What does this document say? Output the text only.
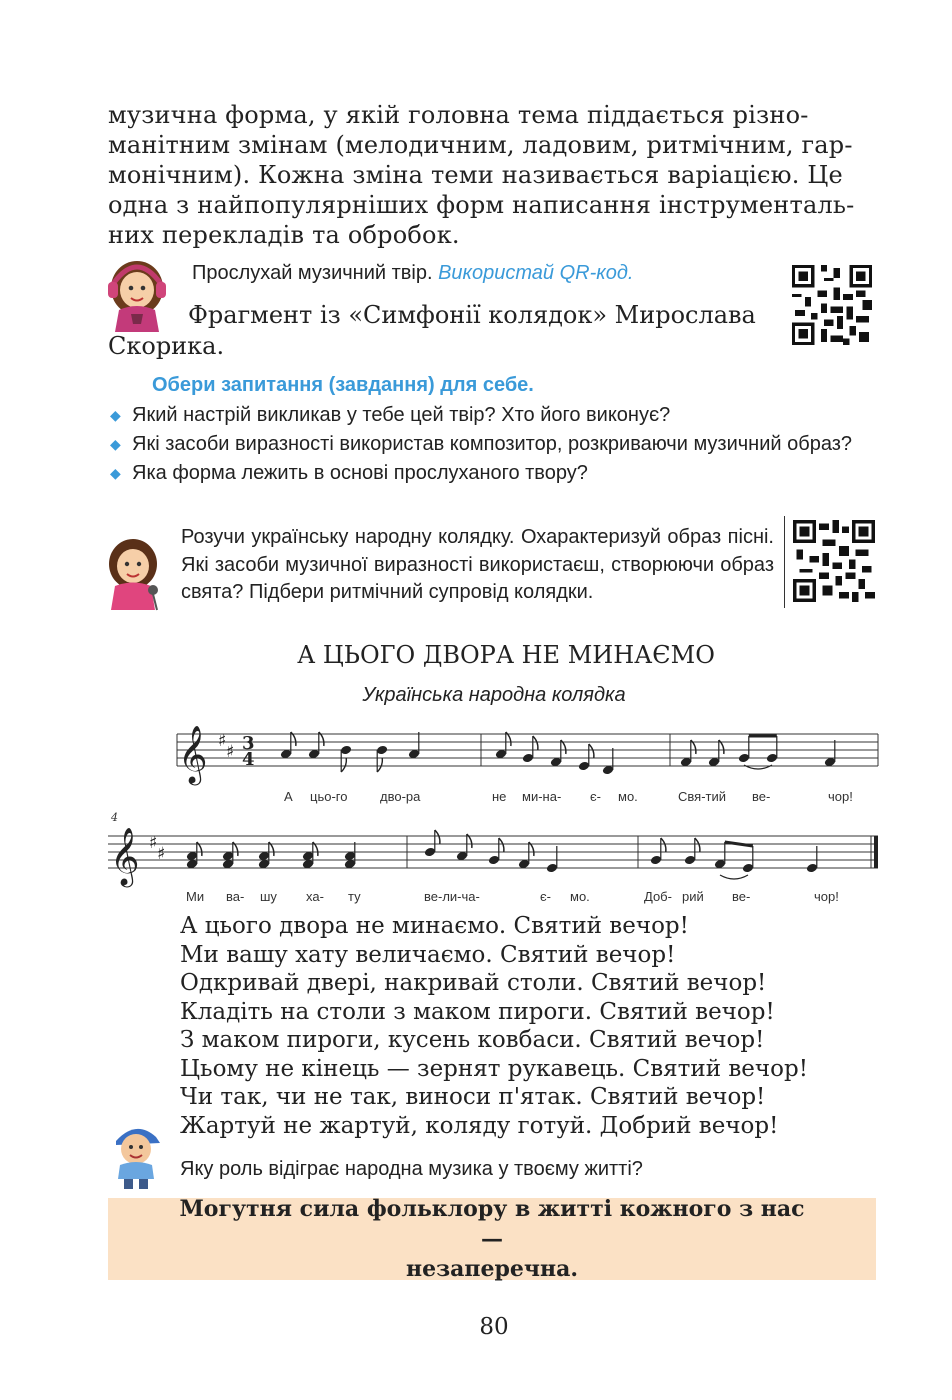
музична форма, у якій головна тема піддається різно-

манітним змінам (мелодичним, ладовим, ритмічним, гар-

монічним). Кожна зміна теми називається варіацією. Це

одна з найпопулярніших форм написання інструменталь-

них перекладів та обробок.

Прослухай музичний твір. Використай QR-код.
Фрагмент із «Симфонії колядок» Мирослава Скорика.
Обери запитання (завдання) для себе.
◆ Який настрій викликав у тебе цей твір? Хто його виконує?
◆ Які засоби виразності використав композитор, розкриваючи музичний образ?
◆ Яка форма лежить в основі прослуханого твору?
Розучи українську народну колядку. Охарактеризуй образ пісні. Які засоби музичної виразності використаєш, створюючи образ свята? Підбери ритмічний супровід колядки.
А ЦЬОГО ДВОРА НЕ МИНАЄМО
Українська народна колядка
𝄞 ♯
♯ 3
4
А цьо-го	дво-ра	не ми-на- є- мо.	Свя-тий ве-	чор!
4
𝄞 ♯
♯
Ми ва- шу ха- ту	ве-ли-ча-	є- мо.	Доб- рий ве-	чор!
А цього двора не минаємо. Святий вечор!
Ми вашу хату величаємо. Святий вечор!
Одкривай двері, накривай столи. Святий вечор!
Кладіть на столи з маком пироги. Святий вечор!
З маком пироги, кусень ковбаси. Святий вечор!
Цьому не кінець — зернят рукавець. Святий вечор!
Чи так, чи не так, виноси п'ятак. Святий вечор!
Жартуй не жартуй, коляду готуй. Добрий вечор!
Яку роль відіграє народна музика у твоєму житті?
Могутня сила фольклору в житті кожного з нас —
незаперечна.
80
